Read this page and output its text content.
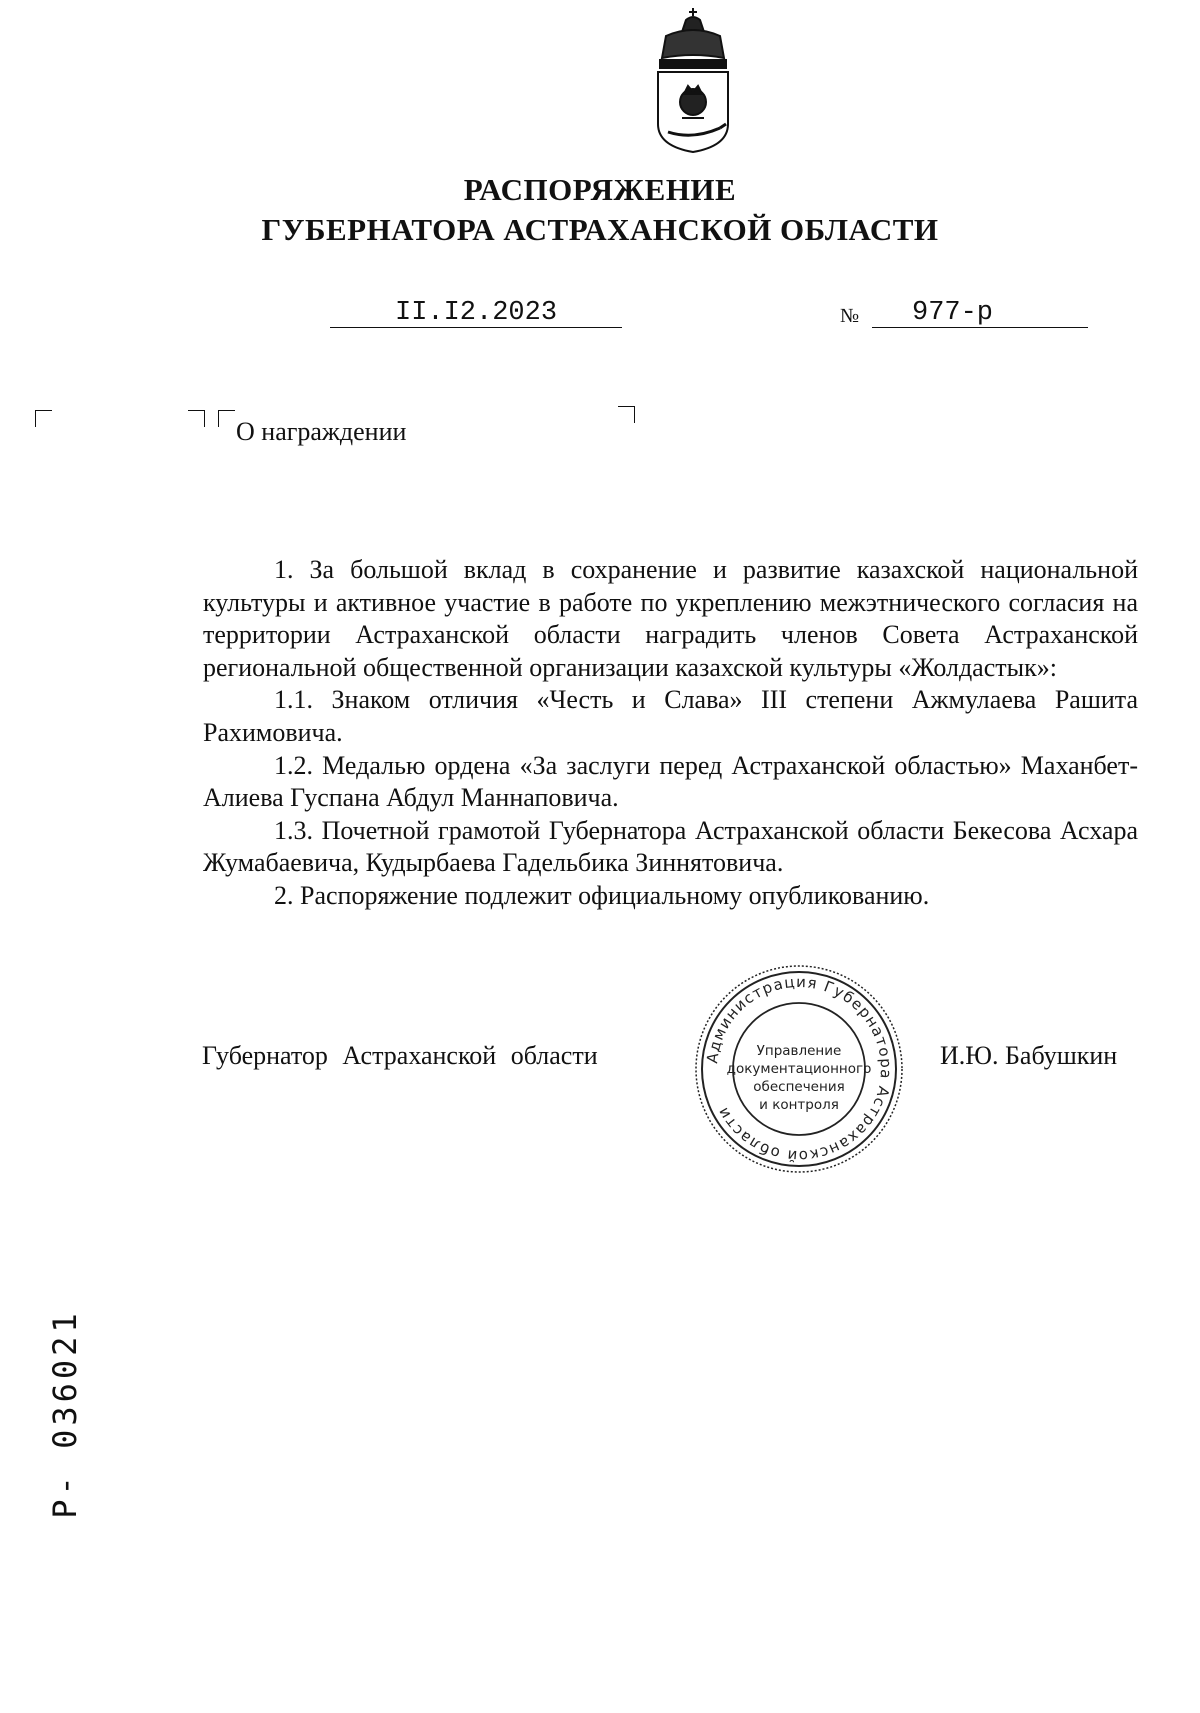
РАСПОРЯЖЕНИЕ
ГУБЕРНАТОРА АСТРАХАНСКОЙ ОБЛАСТИ
II.I2.2023	№ 977-р
О награждении

1. За большой вклад в сохранение и развитие казахской национальной культуры и активное участие в работе по укреплению межэтнического согласия на территории Астраханской области наградить членов Совета Астраханской региональной общественной организации казахской культуры «Жолдастык»:

1.1. Знаком отличия «Честь и Слава» III степени Ажмулаева Рашита Рахимовича.

1.2. Медалью ордена «За заслуги перед Астраханской областью» Маханбет-Алиева Гуспана Абдул Маннаповича.

1.3. Почетной грамотой Губернатора Астраханской области Бекесова Асхара Жумабаевича, Кудырбаева Гадельбика Зиннятовича.

2. Распоряжение подлежит официальному опубликованию.

Губернатор Астраханской области	Администрация Губернатора Астраханской области
Управление
документационного
обеспечения
и контроля
И.Ю. Бабушкин
Р- 036021
